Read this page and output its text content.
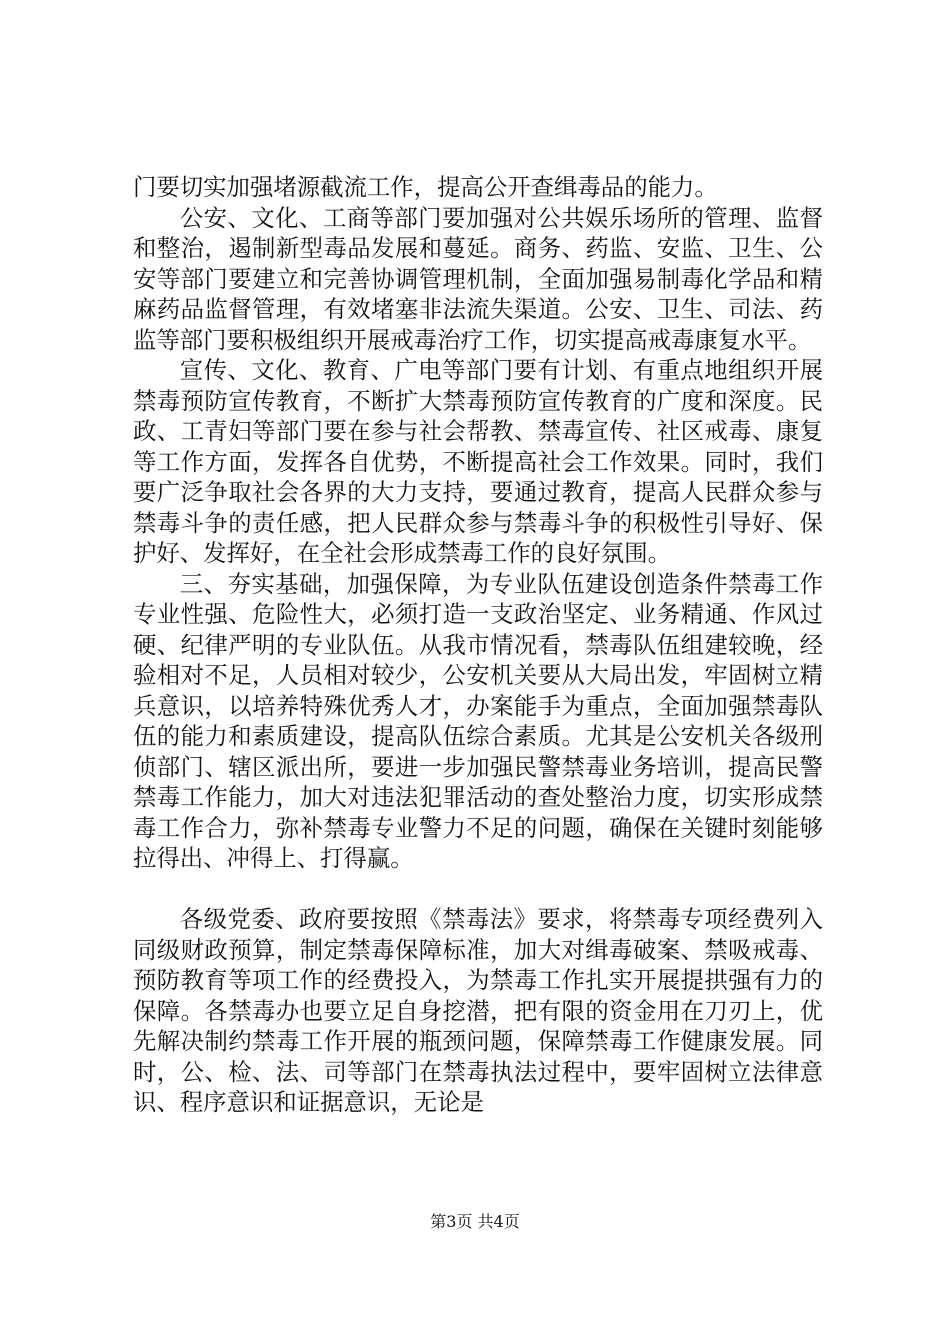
门要切实加强堵源截流工作，提高公开查缉毒品的能力。

公安、文化、工商等部门要加强对公共娱乐场所的管理、监督和整治，遏制新型毒品发展和蔓延。商务、药监、安监、卫生、公安等部门要建立和完善协调管理机制，全面加强易制毒化学品和精麻药品监督管理，有效堵塞非法流失渠道。公安、卫生、司法、药监等部门要积极组织开展戒毒治疗工作，切实提高戒毒康复水平。

宣传、文化、教育、广电等部门要有计划、有重点地组织开展禁毒预防宣传教育，不断扩大禁毒预防宣传教育的广度和深度。民政、工青妇等部门要在参与社会帮教、禁毒宣传、社区戒毒、康复等工作方面，发挥各自优势，不断提高社会工作效果。同时，我们要广泛争取社会各界的大力支持，要通过教育，提高人民群众参与禁毒斗争的责任感，把人民群众参与禁毒斗争的积极性引导好、保护好、发挥好，在全社会形成禁毒工作的良好氛围。

三、夯实基础，加强保障，为专业队伍建设创造条件禁毒工作专业性强、危险性大，必须打造一支政治坚定、业务精通、作风过硬、纪律严明的专业队伍。从我市情况看，禁毒队伍组建较晚，经验相对不足，人员相对较少，公安机关要从大局出发，牢固树立精兵意识，以培养特殊优秀人才，办案能手为重点，全面加强禁毒队伍的能力和素质建设，提高队伍综合素质。尤其是公安机关各级刑侦部门、辖区派出所，要进一步加强民警禁毒业务培训，提高民警禁毒工作能力，加大对违法犯罪活动的查处整治力度，切实形成禁毒工作合力，弥补禁毒专业警力不足的问题，确保在关键时刻能够拉得出、冲得上、打得赢。

各级党委、政府要按照《禁毒法》要求，将禁毒专项经费列入同级财政预算，制定禁毒保障标准，加大对缉毒破案、禁吸戒毒、预防教育等项工作的经费投入，为禁毒工作扎实开展提拱强有力的保障。各禁毒办也要立足自身挖潜，把有限的资金用在刀刃上，优先解决制约禁毒工作开展的瓶颈问题，保障禁毒工作健康发展。同时，公、检、法、司等部门在禁毒执法过程中，要牢固树立法律意识、程序意识和证据意识，无论是

第3页 共4页
